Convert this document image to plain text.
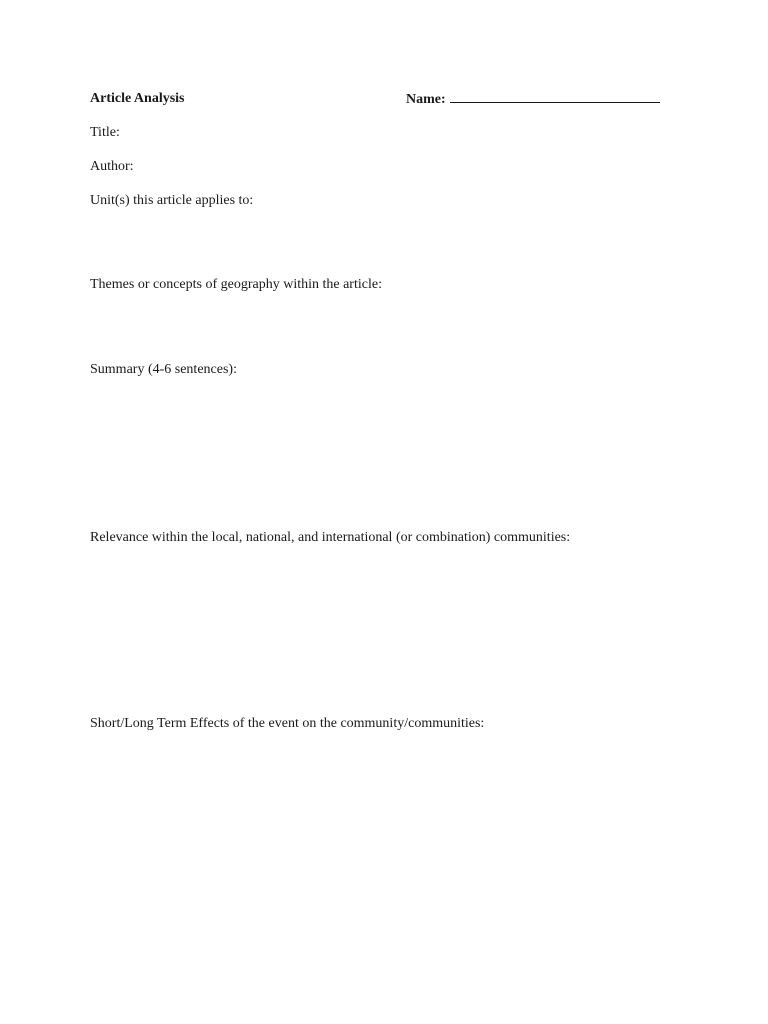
Article Analysis	Name:
Title:
Author:
Unit(s) this article applies to:
Themes or concepts of geography within the article:
Summary (4-6 sentences):
Relevance within the local, national, and international (or combination) communities:
Short/Long Term Effects of the event on the community/communities:
